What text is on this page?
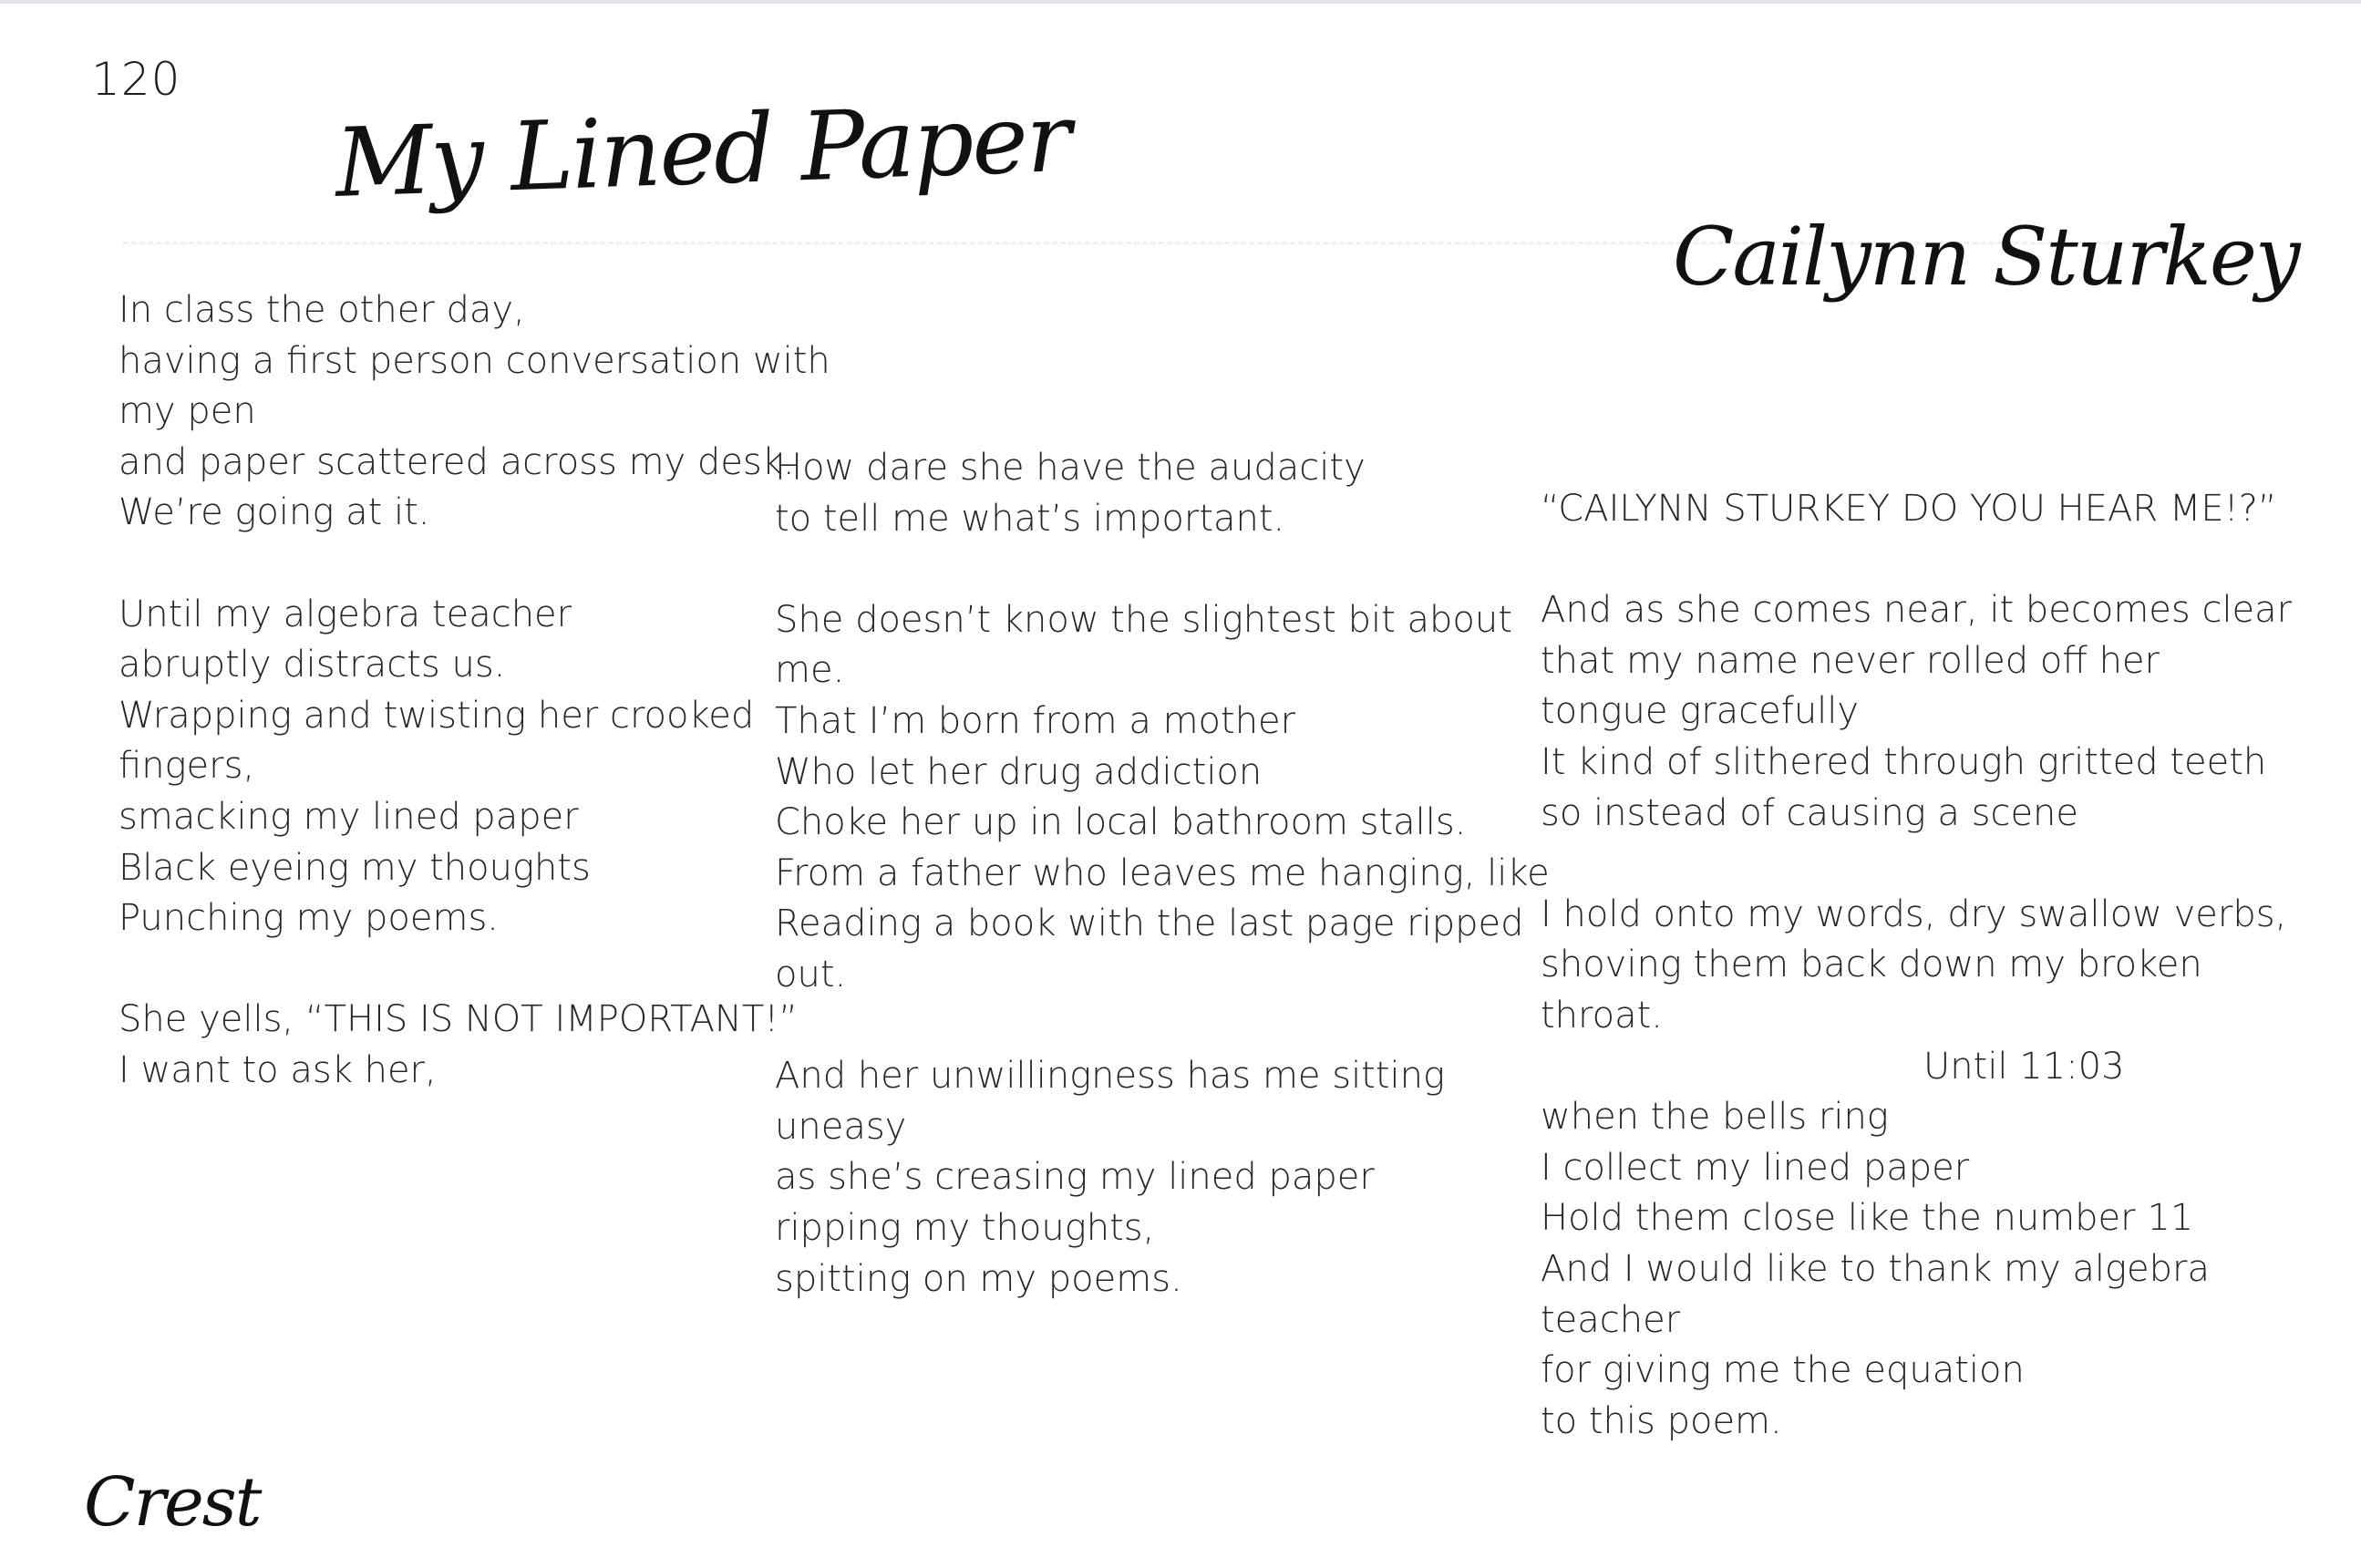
120
My Lined Paper
Cailynn Sturkey
In class the other day,
having a first person conversation with
my pen
and paper scattered across my desk.
We’re going at it.
Until my algebra teacher
abruptly distracts us.
Wrapping and twisting her crooked
fingers,
smacking my lined paper
Black eyeing my thoughts
Punching my poems.
She yells, “THIS IS NOT IMPORTANT!”
I want to ask her,
How dare she have the audacity
to tell me what’s important.
She doesn’t know the slightest bit about
me.
That I’m born from a mother
Who let her drug addiction
Choke her up in local bathroom stalls.
From a father who leaves me hanging, like
Reading a book with the last page ripped
out.
And her unwillingness has me sitting
uneasy
as she’s creasing my lined paper
ripping my thoughts,
spitting on my poems.
“CAILYNN STURKEY DO YOU HEAR ME!?”
And as she comes near, it becomes clear
that my name never rolled off her
tongue gracefully
It kind of slithered through gritted teeth
so instead of causing a scene
I hold onto my words, dry swallow verbs,
shoving them back down my broken
throat.
Until 11:03
when the bells ring
I collect my lined paper
Hold them close like the number 11
And I would like to thank my algebra
teacher
for giving me the equation
to this poem.
Crest
